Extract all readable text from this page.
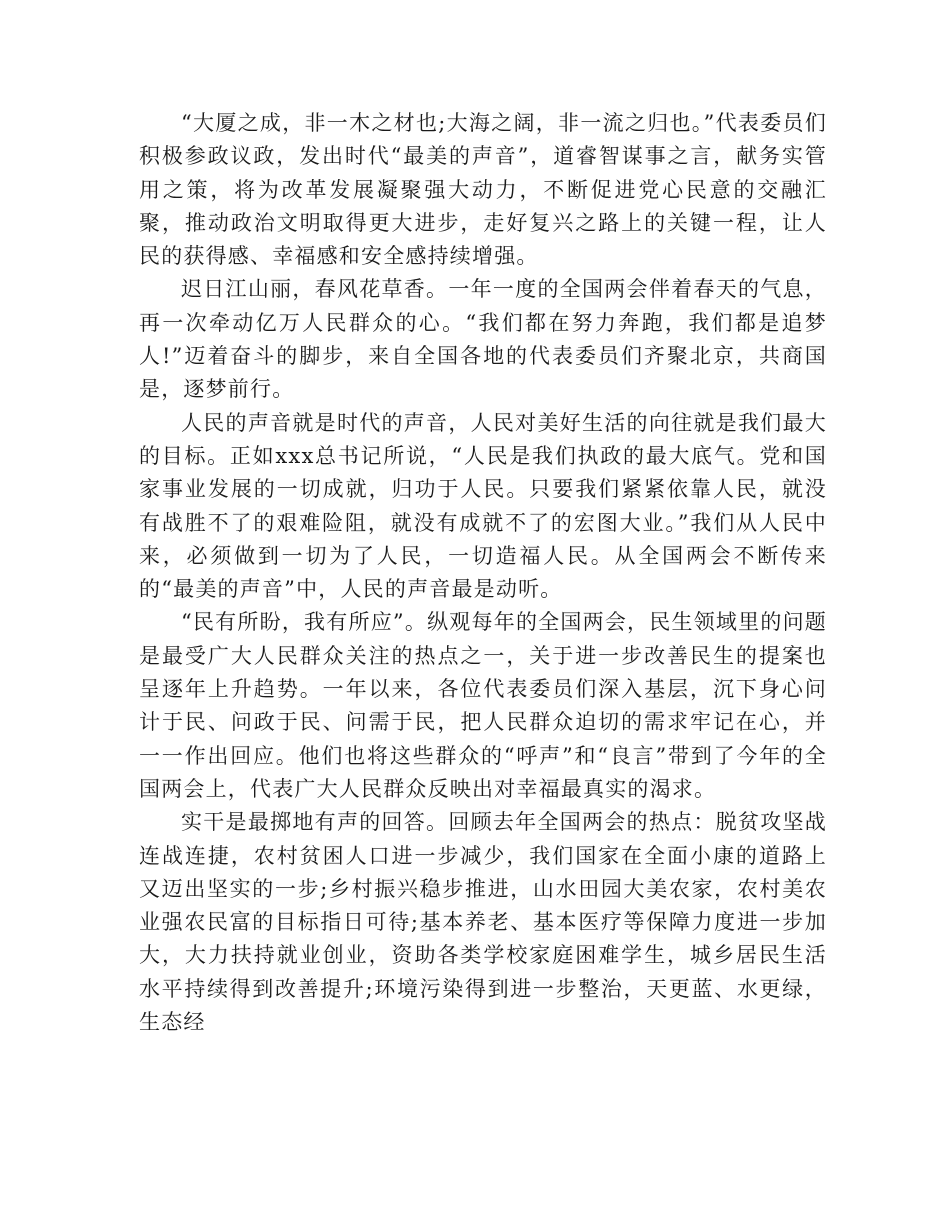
“大厦之成，非一木之材也;大海之阔，非一流之归也。”代表委员们积极参政议政，发出时代“最美的声音”，道睿智谋事之言，献务实管用之策，将为改革发展凝聚强大动力，不断促进党心民意的交融汇聚，推动政治文明取得更大进步，走好复兴之路上的关键一程，让人民的获得感、幸福感和安全感持续增强。

迟日江山丽，春风花草香。一年一度的全国两会伴着春天的气息，再一次牵动亿万人民群众的心。“我们都在努力奔跑，我们都是追梦人!”迈着奋斗的脚步，来自全国各地的代表委员们齐聚北京，共商国是，逐梦前行。

人民的声音就是时代的声音，人民对美好生活的向往就是我们最大的目标。正如xxx总书记所说，“人民是我们执政的最大底气。党和国家事业发展的一切成就，归功于人民。只要我们紧紧依靠人民，就没有战胜不了的艰难险阻，就没有成就不了的宏图大业。”我们从人民中来，必须做到一切为了人民，一切造福人民。从全国两会不断传来的“最美的声音”中，人民的声音最是动听。

“民有所盼，我有所应”。纵观每年的全国两会，民生领域里的问题是最受广大人民群众关注的热点之一，关于进一步改善民生的提案也呈逐年上升趋势。一年以来，各位代表委员们深入基层，沉下身心问计于民、问政于民、问需于民，把人民群众迫切的需求牢记在心，并一一作出回应。他们也将这些群众的“呼声”和“良言”带到了今年的全国两会上，代表广大人民群众反映出对幸福最真实的渴求。

实干是最掷地有声的回答。回顾去年全国两会的热点：脱贫攻坚战连战连捷，农村贫困人口进一步减少，我们国家在全面小康的道路上又迈出坚实的一步;乡村振兴稳步推进，山水田园大美农家，农村美农业强农民富的目标指日可待;基本养老、基本医疗等保障力度进一步加大，大力扶持就业创业，资助各类学校家庭困难学生，城乡居民生活水平持续得到改善提升;环境污染得到进一步整治，天更蓝、水更绿，生态经
